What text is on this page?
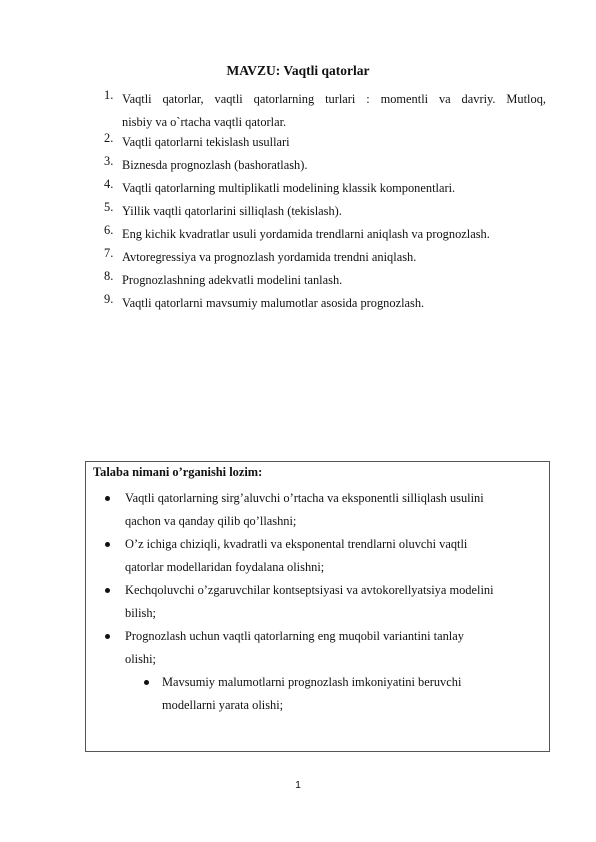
MAVZU: Vaqtli qatorlar
1. Vaqtli qatorlar, vaqtli qatorlarning turlari : momentli va davriy. Mutloq,
nisbiy va o`rtacha vaqtli qatorlar.
2. Vaqtli qatorlarni tekislash usullari
3. Biznesda prognozlash (bashoratlash).
4. Vaqtli qatorlarning multiplikatli modelining klassik komponentlari.
5. Yillik vaqtli qatorlarini silliqlash (tekislash).
6. Eng kichik kvadratlar usuli yordamida trendlarni aniqlash va prognozlash.
7. Avtoregressiya va prognozlash yordamida trendni aniqlash.
8. Prognozlashning adekvatli modelini tanlash.
9. Vaqtli qatorlarni mavsumiy malumotlar asosida prognozlash.
Talaba nimani o’rganishi lozim:
Vaqtli qatorlarning sirg’aluvchi o’rtacha va eksponentli silliqlash usulini
qachon va qanday qilib qo’llashni;
O’z ichiga chiziqli, kvadratli va eksponental trendlarni oluvchi vaqtli
qatorlar modellaridan foydalana olishni;
Kechqoluvchi o’zgaruvchilar kontseptsiyasi va avtokorellyatsiya modelini
bilish;
Prognozlash uchun vaqtli qatorlarning eng muqobil variantini tanlay
olishi;
Mavsumiy malumotlarni prognozlash imkoniyatini beruvchi
modellarni yarata olishi;
1
